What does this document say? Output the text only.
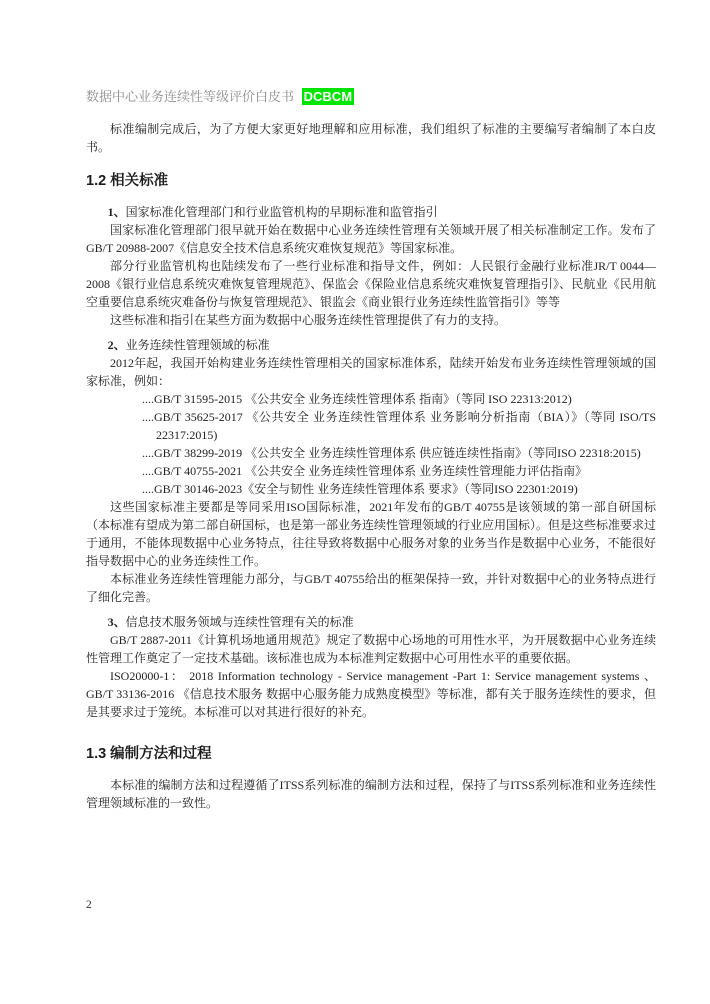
数据中心业务连续性等级评价白皮书 DCBCM

标准编制完成后，为了方便大家更好地理解和应用标准，我们组织了标准的主要编写者编制了本白皮书。

1.2 相关标准

1、国家标准化管理部门和行业监管机构的早期标准和监管指引

国家标准化管理部门很早就开始在数据中心业务连续性管理有关领域开展了相关标准制定工作。发布了GB/T 20988-2007《信息安全技术信息系统灾难恢复规范》等国家标准。

部分行业监管机构也陆续发布了一些行业标准和指导文件，例如：人民银行金融行业标准JR/T 0044—2008《银行业信息系统灾难恢复管理规范》、保监会《保险业信息系统灾难恢复管理指引》、民航业《民用航空重要信息系统灾难备份与恢复管理规范》、银监会《商业银行业务连续性监管指引》等等

这些标准和指引在某些方面为数据中心服务连续性管理提供了有力的支持。

2、业务连续性管理领域的标准

2012年起，我国开始构建业务连续性管理相关的国家标准体系，陆续开始发布业务连续性管理领域的国家标准，例如：

....GB/T 31595-2015 《公共安全 业务连续性管理体系 指南》（等同 ISO 22313:2012)
....GB/T 35625-2017 《公共安全 业务连续性管理体系 业务影响分析指南（BIA）》（等同 ISO/TS 22317:2015)
....GB/T 38299-2019 《公共安全 业务连续性管理体系 供应链连续性指南》（等同ISO 22318:2015)
....GB/T 40755-2021 《公共安全 业务连续性管理体系 业务连续性管理能力评估指南》
....GB/T 30146-2023《安全与韧性 业务连续性管理体系 要求》（等同ISO 22301:2019)

这些国家标准主要都是等同采用ISO国际标准，2021年发布的GB/T 40755是该领域的第一部自研国标（本标准有望成为第二部自研国标，也是第一部业务连续性管理领域的行业应用国标）。但是这些标准要求过于通用，不能体现数据中心业务特点，往往导致将数据中心服务对象的业务当作是数据中心业务，不能很好指导数据中心的业务连续性工作。

本标准业务连续性管理能力部分，与GB/T 40755给出的框架保持一致，并针对数据中心的业务特点进行了细化完善。

3、信息技术服务领域与连续性管理有关的标准

GB/T 2887-2011《计算机场地通用规范》规定了数据中心场地的可用性水平，为开展数据中心业务连续性管理工作奠定了一定技术基础。该标准也成为本标准判定数据中心可用性水平的重要依据。

ISO20000-1： 2018 Information technology - Service management -Part 1: Service management systems 、GB/T 33136-2016 《信息技术服务 数据中心服务能力成熟度模型》等标准，都有关于服务连续性的要求，但是其要求过于笼统。本标准可以对其进行很好的补充。

1.3 编制方法和过程

本标准的编制方法和过程遵循了ITSS系列标准的编制方法和过程，保持了与ITSS系列标准和业务连续性管理领域标准的一致性。

2
